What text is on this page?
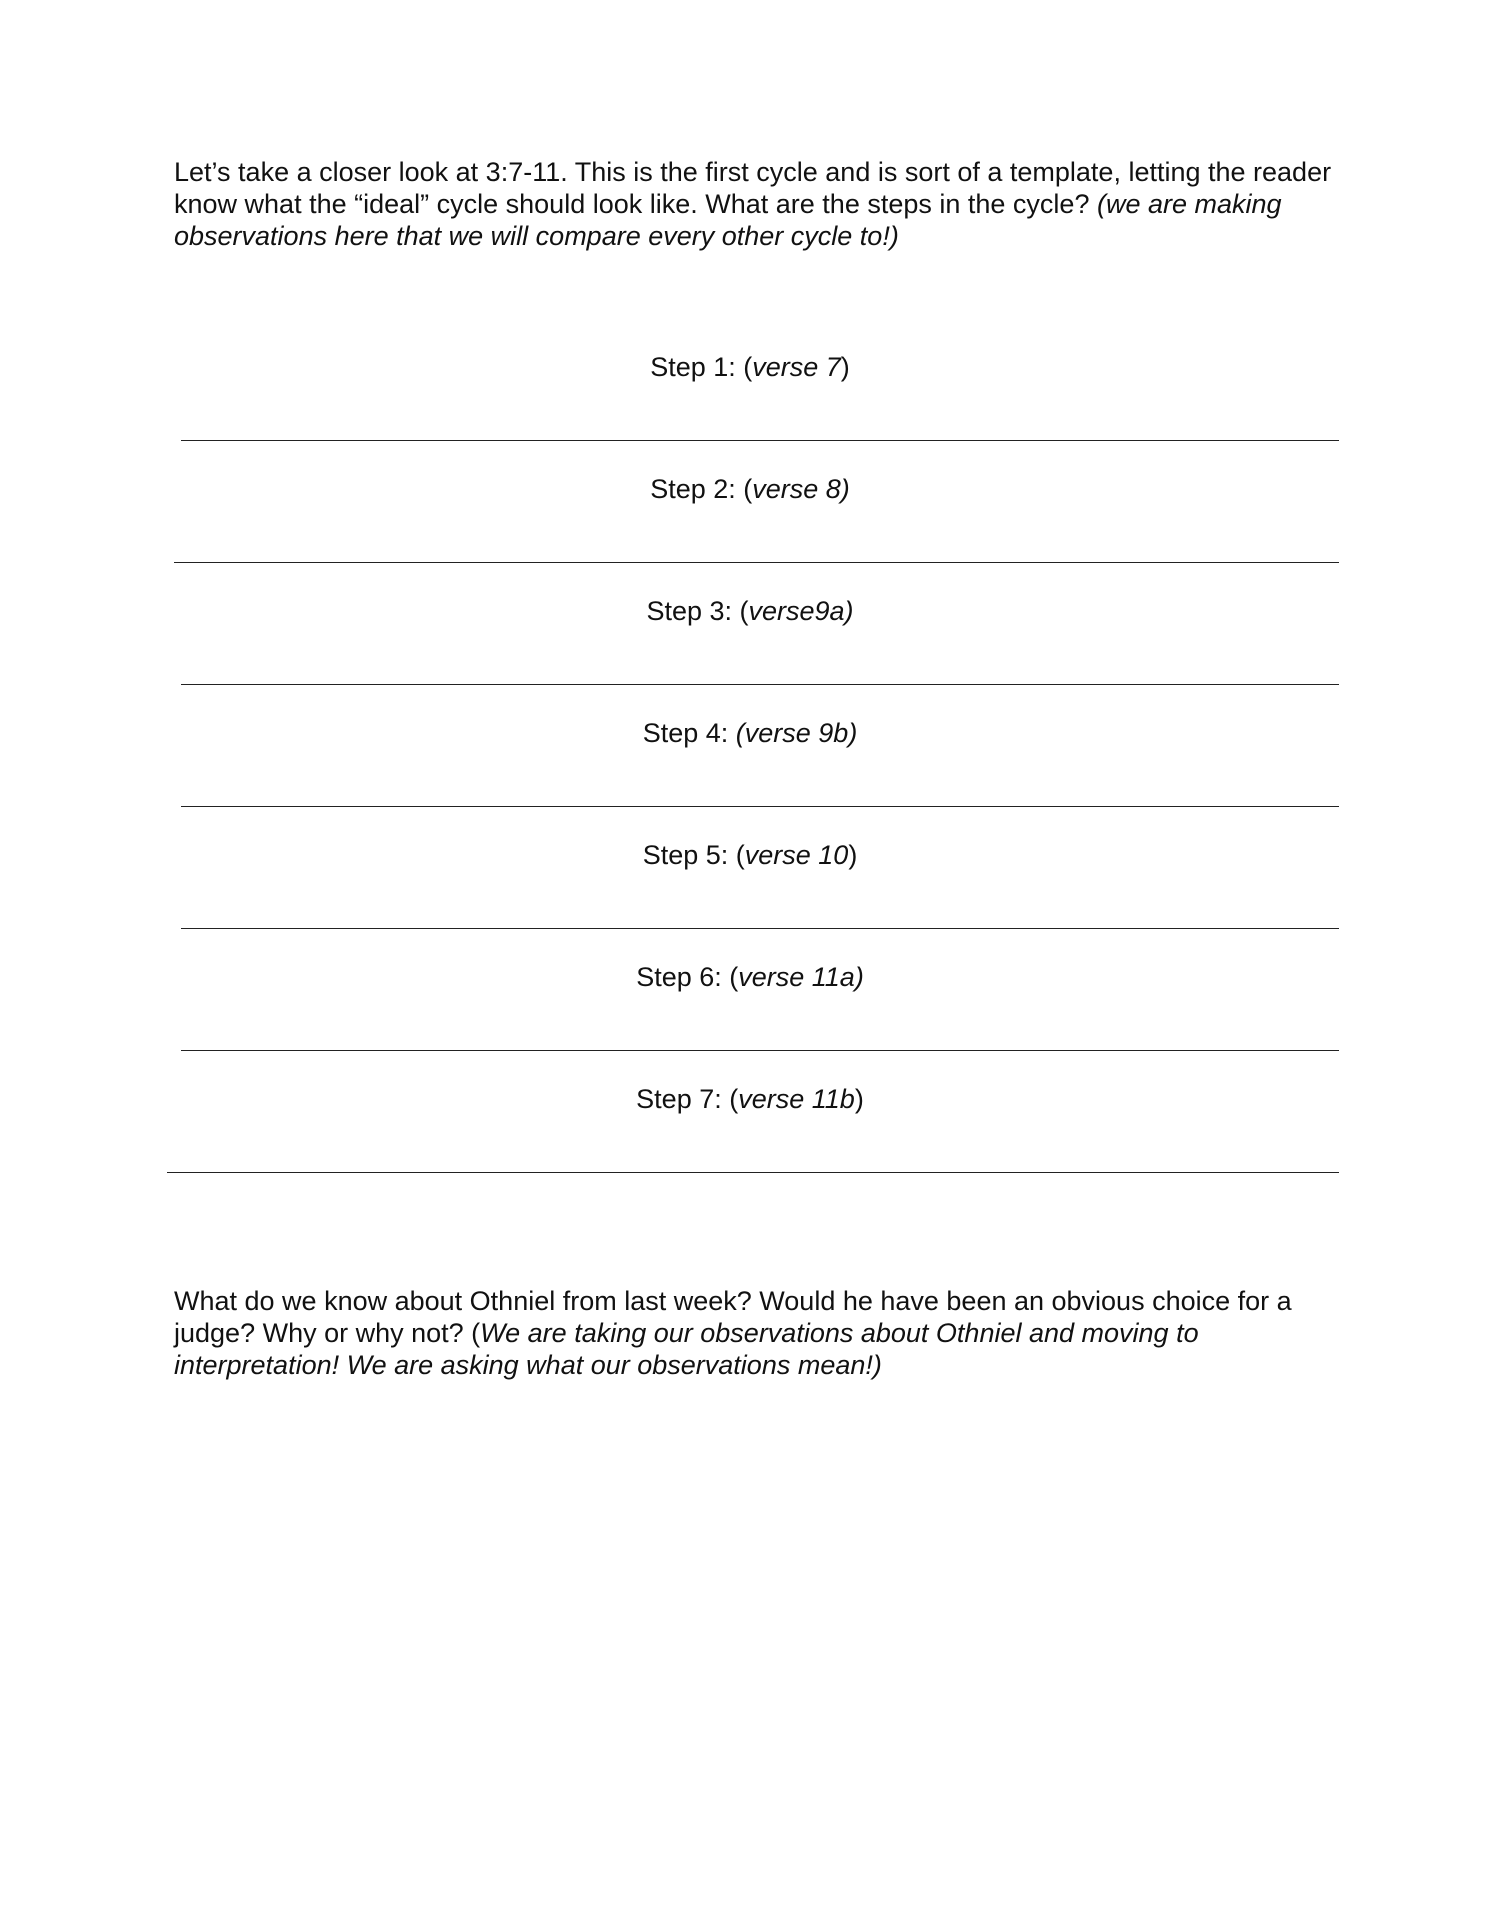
Let’s take a closer look at 3:7-11. This is the first cycle and is sort of a template, letting the reader know what the “ideal” cycle should look like. What are the steps in the cycle? (we are making observations here that we will compare every other cycle to!)

Step 1: (verse 7)
Step 2: (verse 8)
Step 3: (verse9a)
Step 4: (verse 9b)
Step 5: (verse 10)
Step 6: (verse 11a)
Step 7: (verse 11b)

What do we know about Othniel from last week? Would he have been an obvious choice for a judge? Why or why not? (We are taking our observations about Othniel and moving to interpretation! We are asking what our observations mean!)
